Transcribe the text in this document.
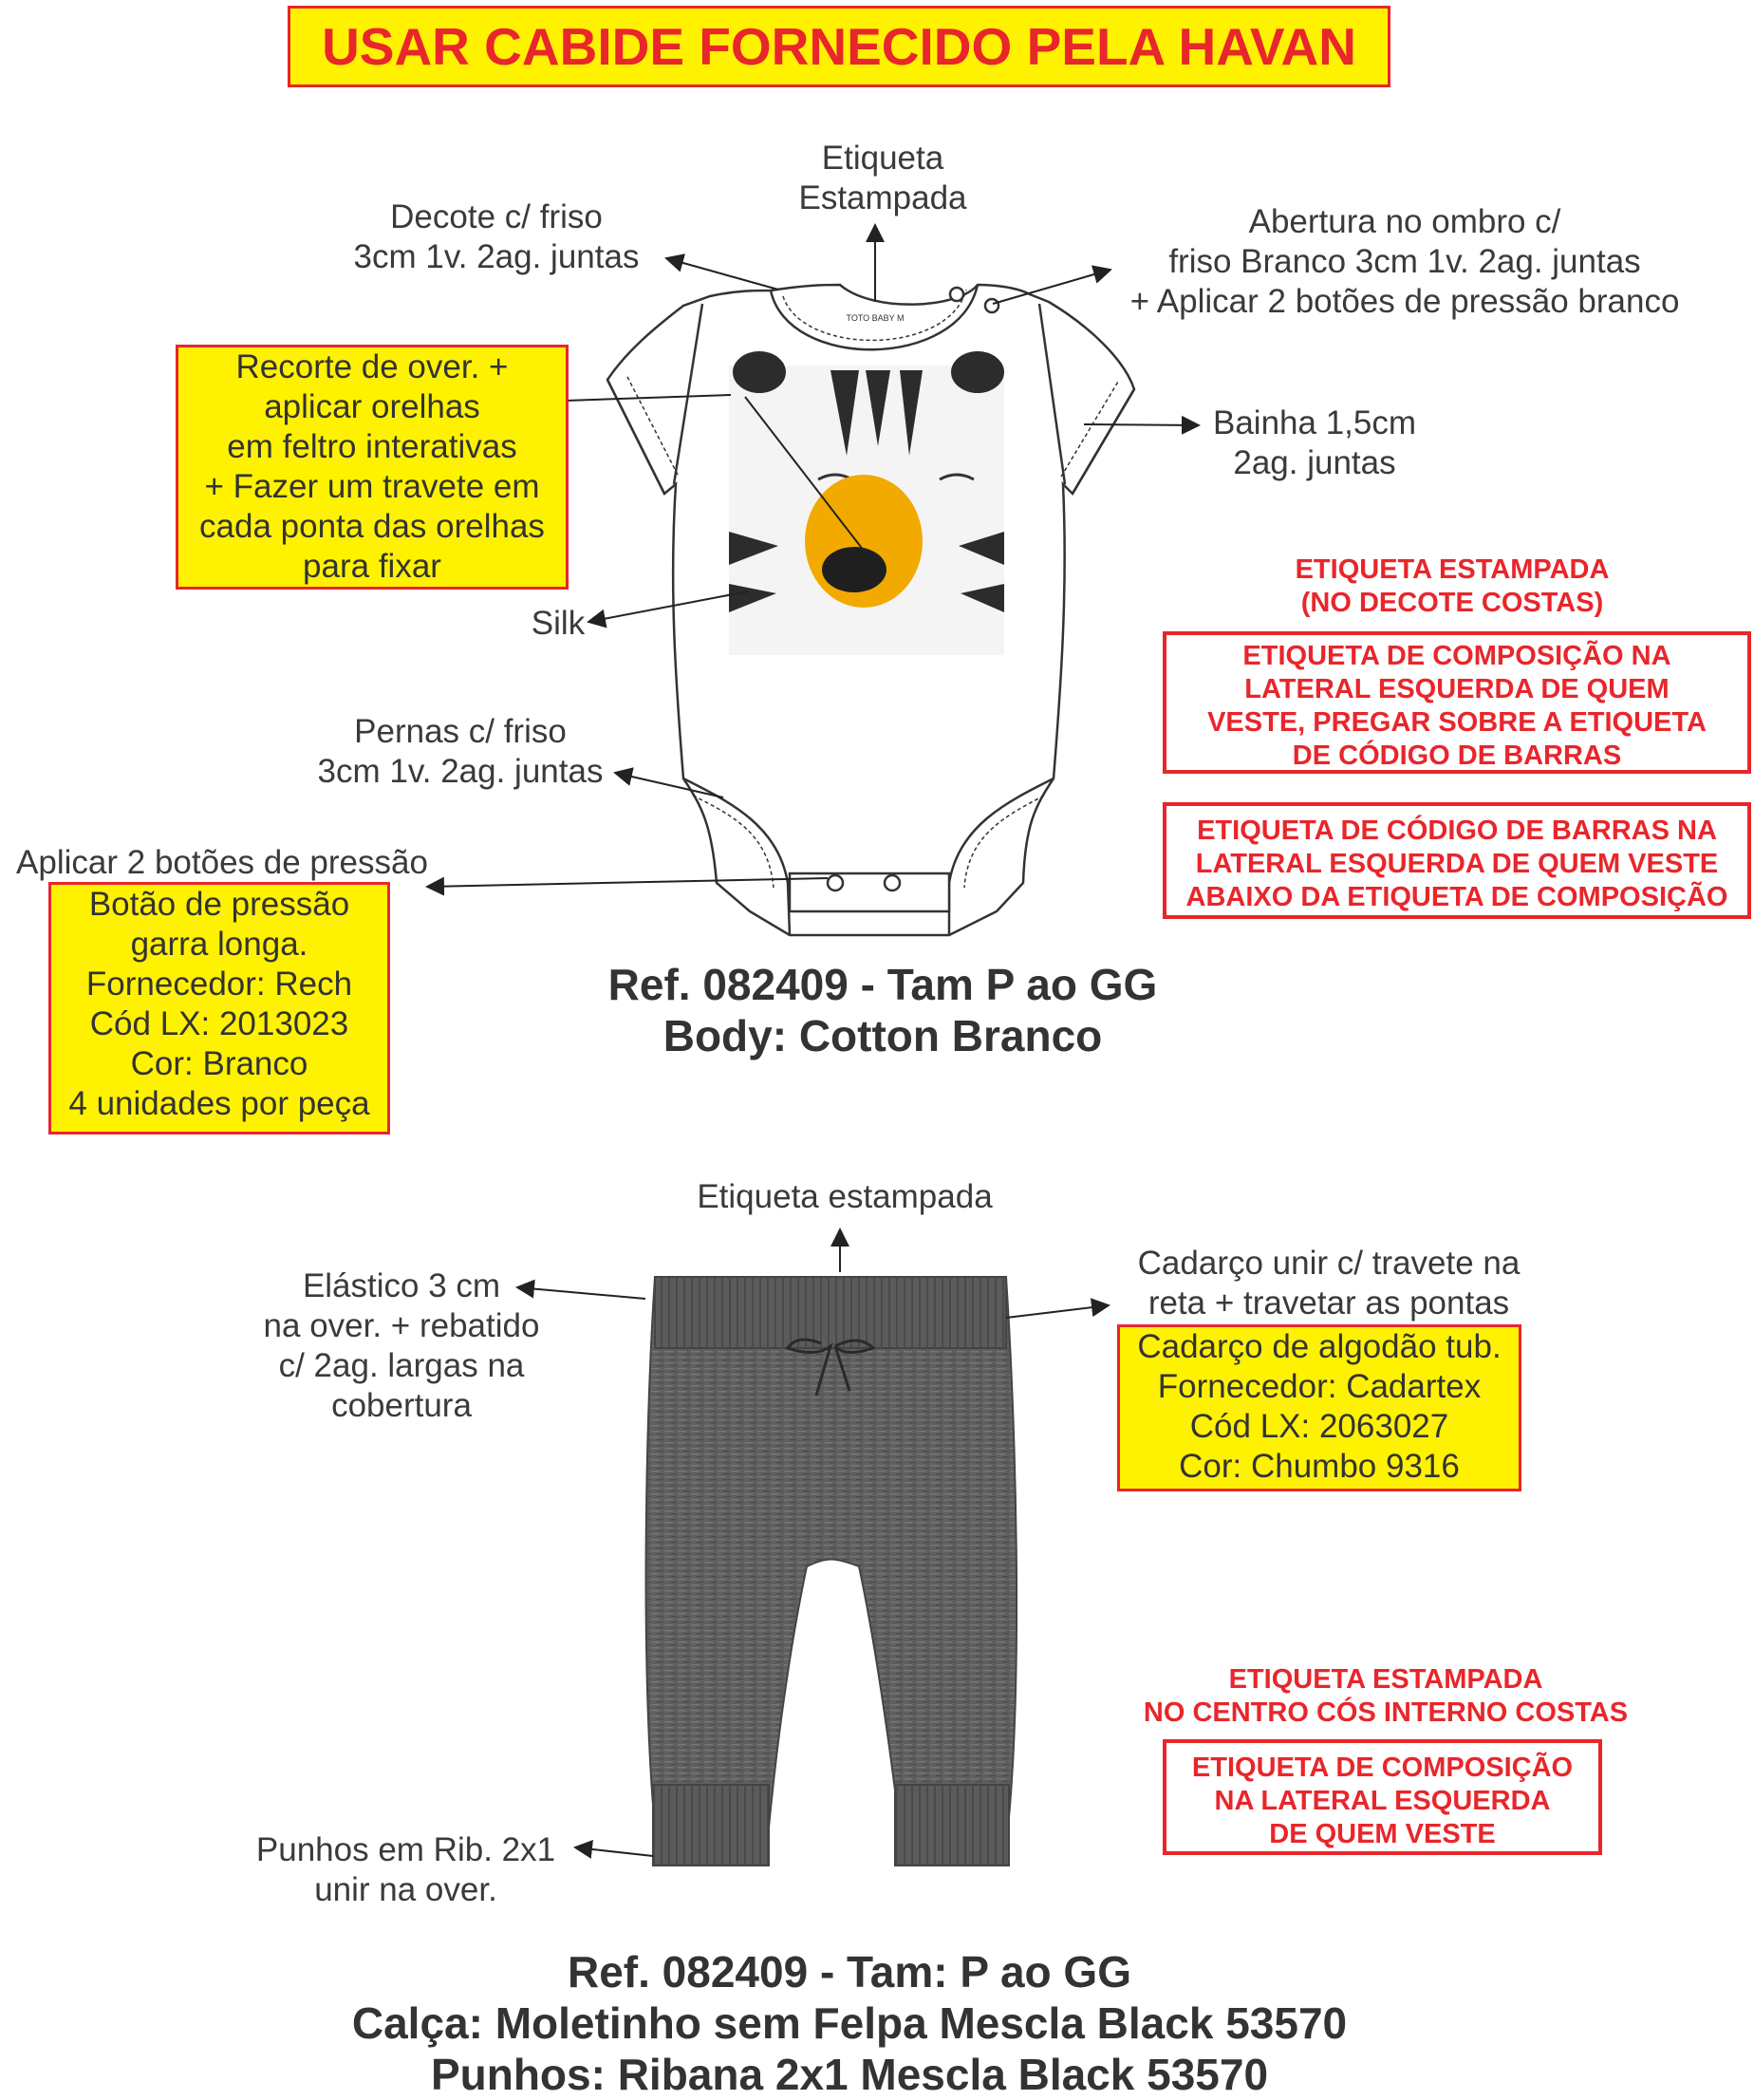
USAR CABIDE FORNECIDO PELA HAVAN
TOTO BABY M
Etiqueta
Estampada
Decote c/ friso
3cm 1v. 2ag. juntas
Abertura no ombro c/
friso Branco 3cm 1v. 2ag. juntas
+ Aplicar 2 botões de pressão branco
Bainha 1,5cm
2ag. juntas
Silk
Pernas c/ friso
3cm 1v. 2ag. juntas
Aplicar 2 botões de pressão
Recorte de over. +
aplicar orelhas
em feltro interativas
+ Fazer um travete em
cada ponta das orelhas
para fixar
Botão de pressão
garra longa.
Fornecedor: Rech
Cód LX: 2013023
Cor: Branco
4 unidades por peça
ETIQUETA ESTAMPADA
(NO DECOTE COSTAS)
ETIQUETA DE COMPOSIÇÃO NA
LATERAL ESQUERDA DE QUEM
VESTE, PREGAR SOBRE A ETIQUETA
DE CÓDIGO DE BARRAS
ETIQUETA DE CÓDIGO DE BARRAS NA
LATERAL ESQUERDA DE QUEM VESTE
ABAIXO DA ETIQUETA DE COMPOSIÇÃO
Ref. 082409 - Tam P ao GG
Body: Cotton Branco
Etiqueta estampada
Elástico 3 cm
na over. + rebatido
c/ 2ag. largas na
cobertura
Cadarço unir c/ travete na
reta + travetar as pontas
Punhos em Rib. 2x1
unir na over.
Cadarço de algodão tub.
Fornecedor: Cadartex
Cód LX: 2063027
Cor: Chumbo 9316
ETIQUETA ESTAMPADA
NO CENTRO CÓS INTERNO COSTAS
ETIQUETA DE COMPOSIÇÃO
NA LATERAL ESQUERDA
DE QUEM VESTE
Ref. 082409 - Tam: P ao GG
Calça: Moletinho sem Felpa Mescla Black 53570
Punhos: Ribana 2x1 Mescla Black 53570
